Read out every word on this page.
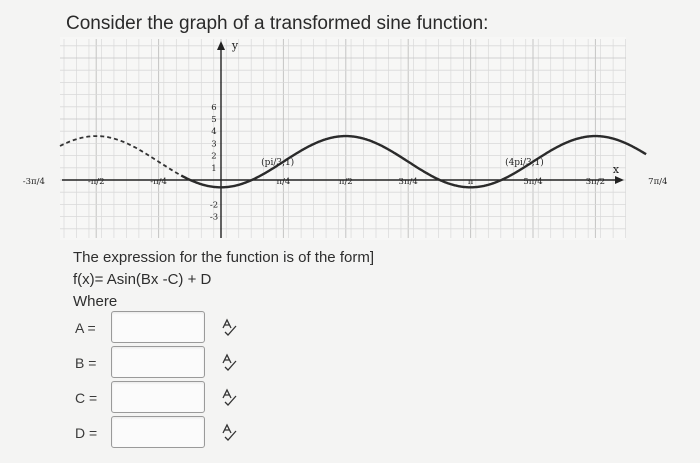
Consider the graph of a transformed sine function:
y
x
-3π/4	-π/2	-π/4	π/4	π/2	3π/4	π	5π/4	3π/2	7π/4
6
5
4
3
2
1
-2
-3
(pi/3,1)	(4pi/3,1)
The expression for the function is of the form]
f(x)= Asin(Bx -C) + D
Where
A =
B =
C =
D =
